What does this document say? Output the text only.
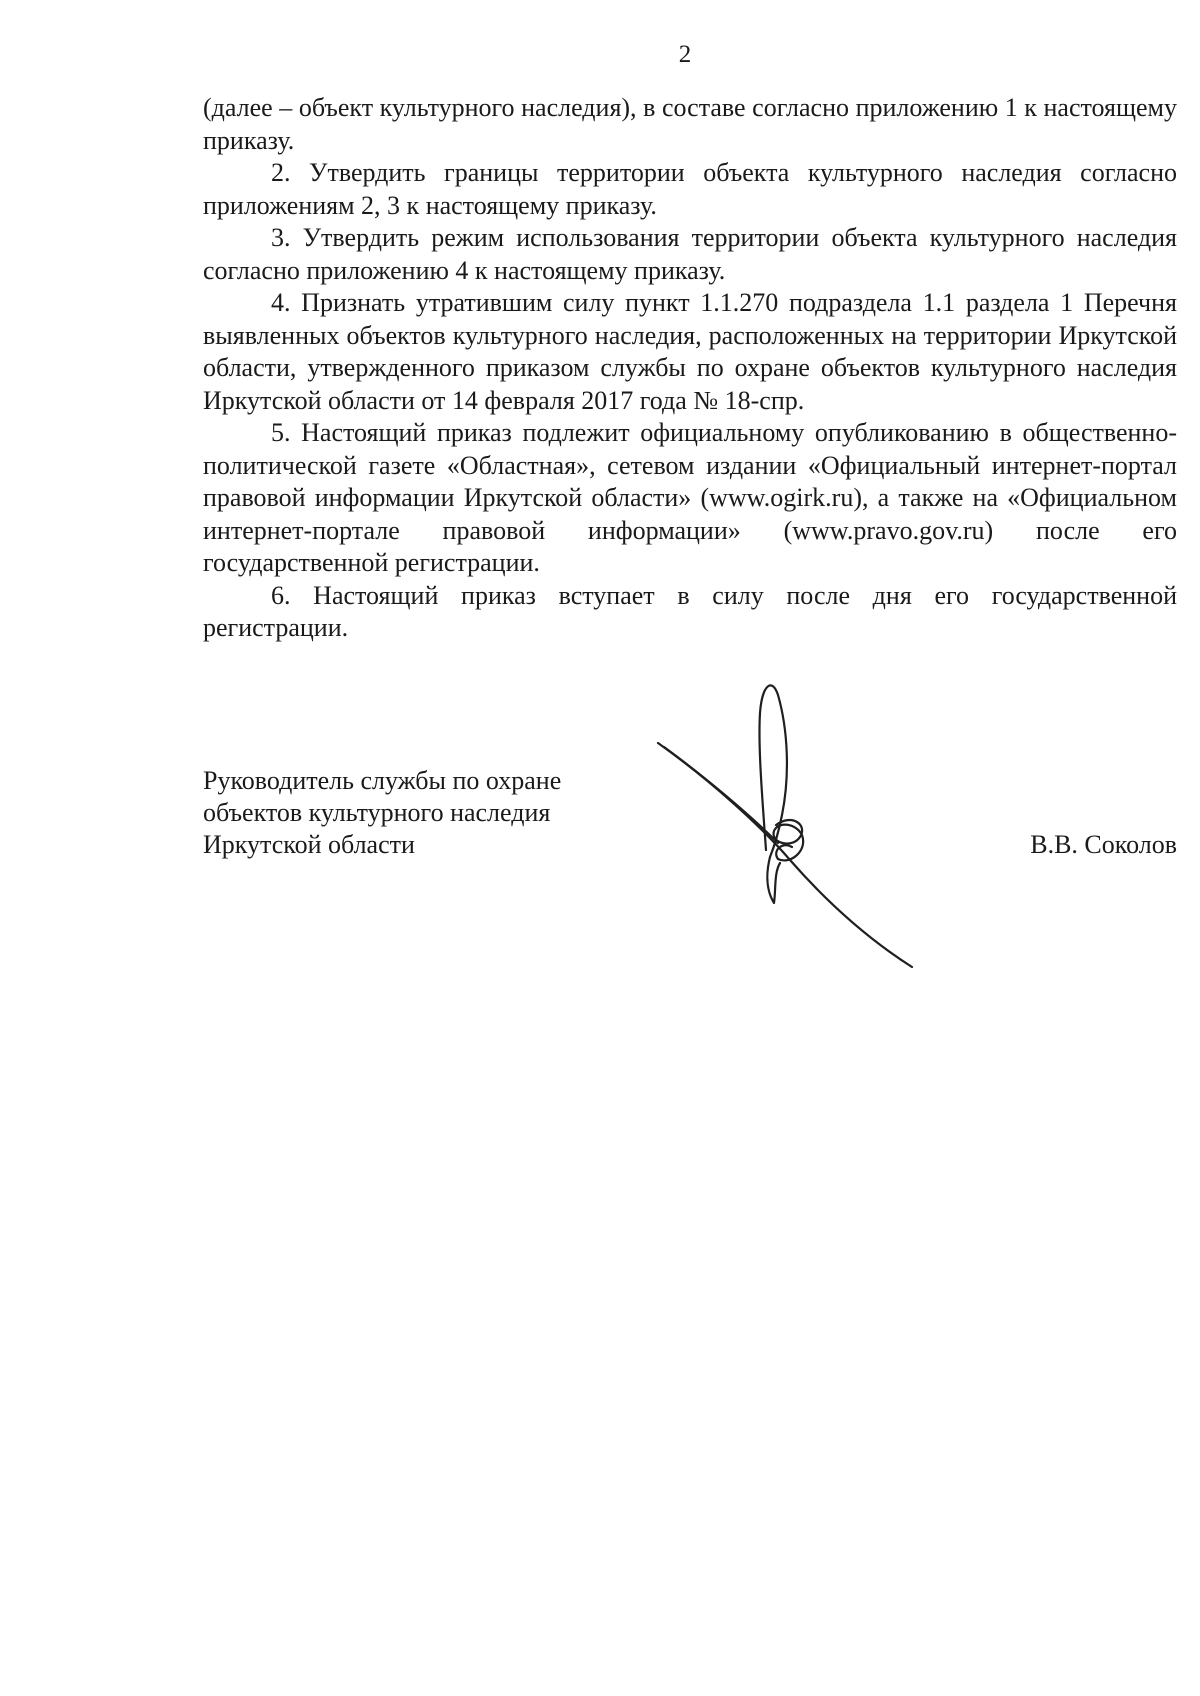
2

(далее – объект культурного наследия), в составе согласно приложению 1 к настоящему приказу.

2. Утвердить границы территории объекта культурного наследия согласно приложениям 2, 3 к настоящему приказу.

3. Утвердить режим использования территории объекта культурного наследия согласно приложению 4 к настоящему приказу.

4. Признать утратившим силу пункт 1.1.270 подраздела 1.1 раздела 1 Перечня выявленных объектов культурного наследия, расположенных на территории Иркутской области, утвержденного приказом службы по охране объектов культурного наследия Иркутской области от 14 февраля 2017 года № 18-спр.

5. Настоящий приказ подлежит официальному опубликованию в общественно-политической газете «Областная», сетевом издании «Официальный интернет-портал правовой информации Иркутской области» (www.ogirk.ru), а также на «Официальном интернет-портале правовой информации» (www.pravo.gov.ru) после его государственной регистрации.

6. Настоящий приказ вступает в силу после дня его государственной регистрации.

Руководитель службы по охране
объектов культурного наследия
Иркутской области	В.В. Соколов
